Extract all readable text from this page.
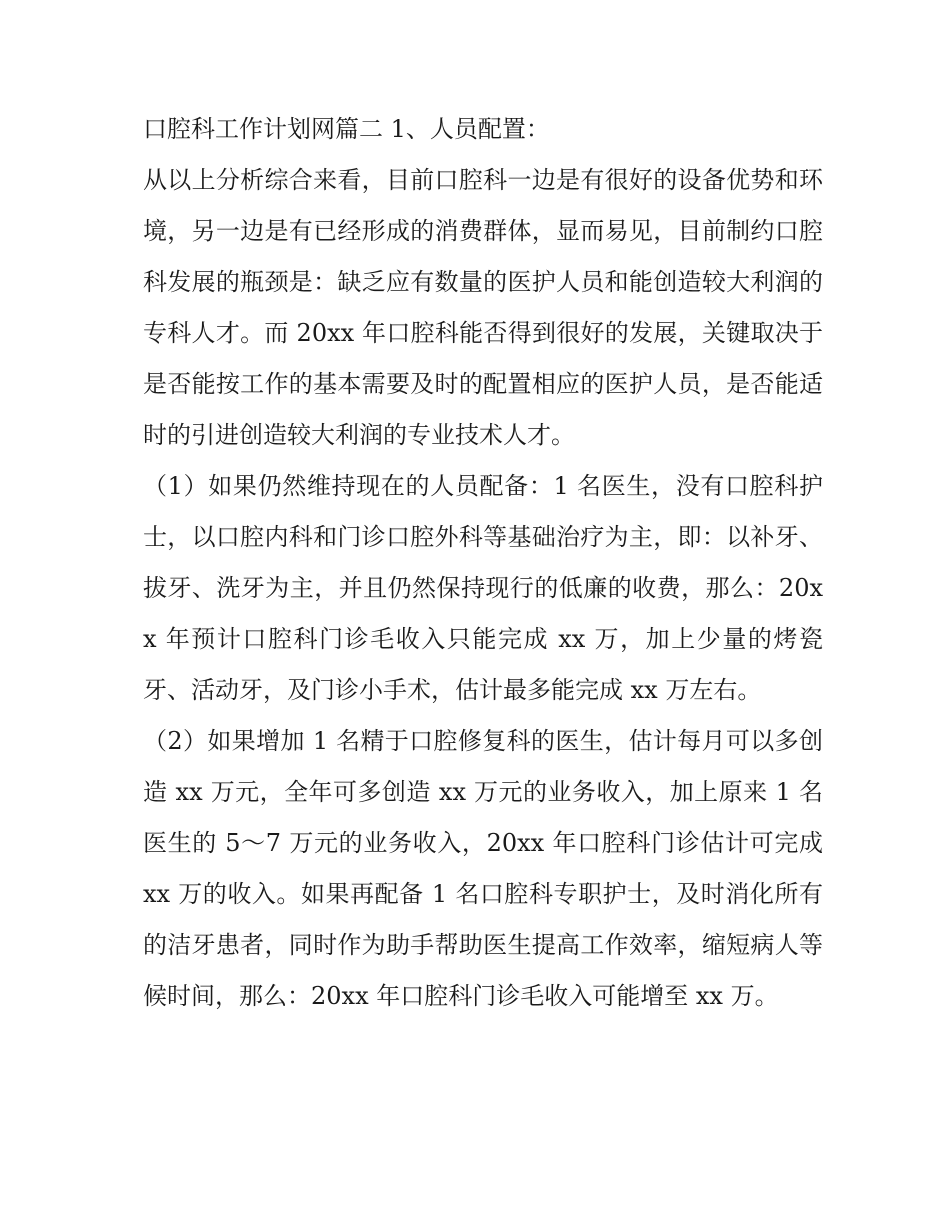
口腔科工作计划网篇二 1、人员配置：

从以上分析综合来看，目前口腔科一边是有很好的设备优势和环境，另一边是有已经形成的消费群体，显而易见，目前制约口腔科发展的瓶颈是：缺乏应有数量的医护人员和能创造较大利润的专科人才。而 20xx 年口腔科能否得到很好的发展，关键取决于是否能按工作的基本需要及时的配置相应的医护人员，是否能适时的引进创造较大利润的专业技术人才。

（1）如果仍然维持现在的人员配备：1 名医生，没有口腔科护士，以口腔内科和门诊口腔外科等基础治疗为主，即：以补牙、拔牙、洗牙为主，并且仍然保持现行的低廉的收费，那么：20xx 年预计口腔科门诊毛收入只能完成 xx 万，加上少量的烤瓷牙、活动牙，及门诊小手术，估计最多能完成 xx 万左右。

（2）如果增加 1 名精于口腔修复科的医生，估计每月可以多创造 xx 万元，全年可多创造 xx 万元的业务收入，加上原来 1 名医生的 5～7 万元的业务收入，20xx 年口腔科门诊估计可完成 xx 万的收入。如果再配备 1 名口腔科专职护士，及时消化所有的洁牙患者，同时作为助手帮助医生提高工作效率，缩短病人等候时间，那么：20xx 年口腔科门诊毛收入可能增至 xx 万。
